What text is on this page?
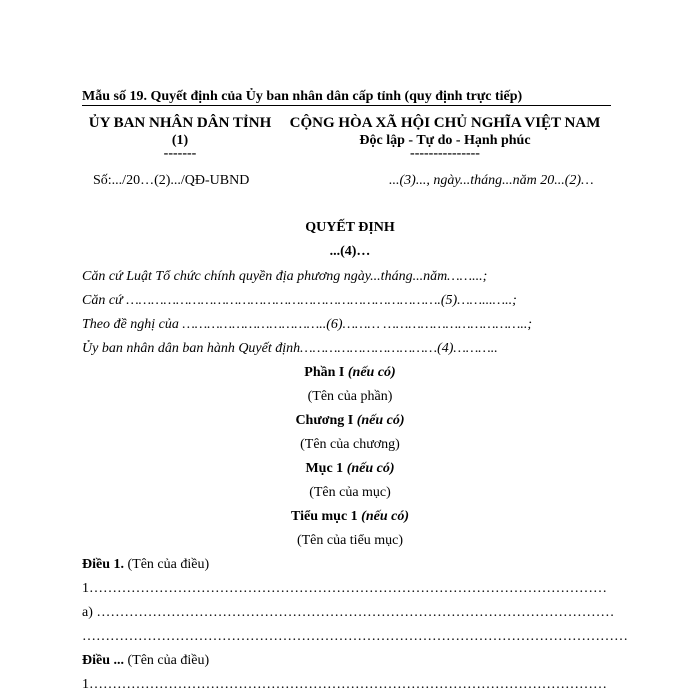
Mẫu số 19. Quyết định của Ủy ban nhân dân cấp tỉnh (quy định trực tiếp)
ỦY BAN NHÂN DÂN TỈNH
(1)
-------
Số:.../20…(2).../QĐ-UBND
CỘNG HÒA XÃ HỘI CHỦ NGHĨA VIỆT NAM
Độc lập - Tự do - Hạnh phúc
---------------
...(3)..., ngày...tháng...năm 20...(2)…
QUYẾT ĐỊNH
...(4)…
Căn cứ Luật Tổ chức chính quyền địa phương ngày...tháng...năm……...;
Căn cứ ………………………………………………………………….(5)……...…..;
Theo đề nghị của ……………………………..(6)……… ……………………………..;
Ủy ban nhân dân ban hành Quyết định……………………………(4)………..
Phần I (nếu có)
(Tên của phần)
Chương I (nếu có)
(Tên của chương)
Mục 1 (nếu có)
(Tên của mục)
Tiểu mục 1 (nếu có)
(Tên của tiểu mục)
Điều 1. (Tên của điều)
1…………………………………………………………………………………………………
a) …………………………………………………………………………………………………
………………………………………………………………………………………………………
Điều ... (Tên của điều)
1…………………………………………………………………………………………………
